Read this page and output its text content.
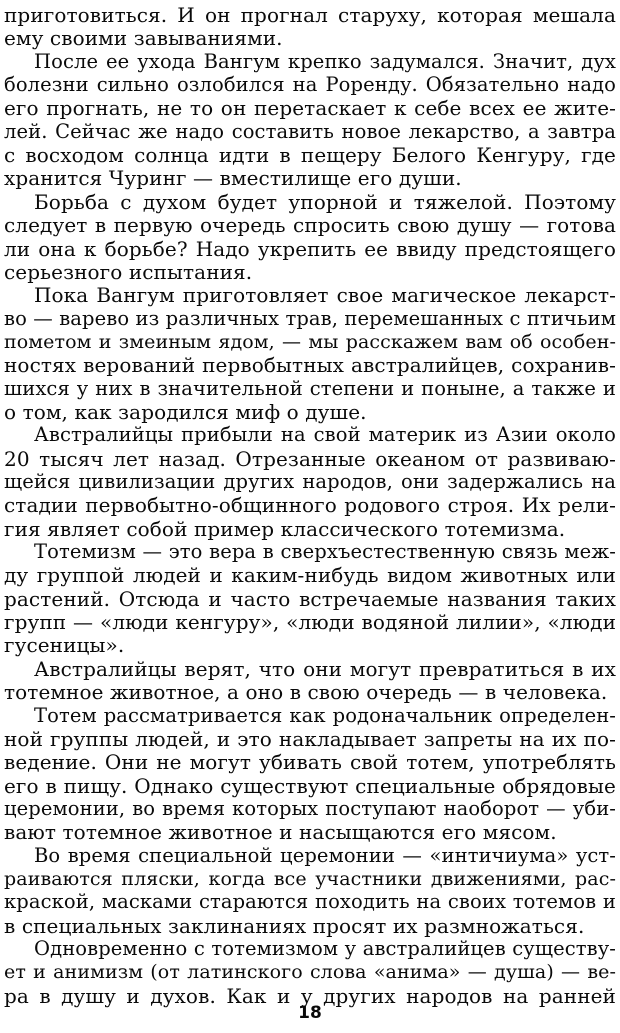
приготовиться. И он прогнал старуху, которая мешала
ему своими завываниями.
После ее ухода Вангум крепко задумался. Значит, дух
болезни сильно озлобился на Роренду. Обязательно надо
его прогнать, не то он перетаскает к себе всех ее жите-
лей. Сейчас же надо составить новое лекарство, а завтра
с восходом солнца идти в пещеру Белого Кенгуру, где
хранится Чуринг — вместилище его души.
Борьба с духом будет упорной и тяжелой. Поэтому
следует в первую очередь спросить свою душу — готова
ли она к борьбе? Надо укрепить ее ввиду предстоящего
серьезного испытания.
Пока Вангум приготовляет свое магическое лекарст-
во — варево из различных трав, перемешанных с птичьим
пометом и змеиным ядом, — мы расскажем вам об особен-
ностях верований первобытных австралийцев, сохранив-
шихся у них в значительной степени и поныне, а также и
о том, как зародился миф о душе.
Австралийцы прибыли на свой материк из Азии около
20 тысяч лет назад. Отрезанные океаном от развиваю-
щейся цивилизации других народов, они задержались на
стадии первобытно-общинного родового строя. Их рели-
гия являет собой пример классического тотемизма.
Тотемизм — это вера в сверхъестественную связь меж-
ду группой людей и каким-нибудь видом животных или
растений. Отсюда и часто встречаемые названия таких
групп — «люди кенгуру», «люди водяной лилии», «люди
гусеницы».
Австралийцы верят, что они могут превратиться в их
тотемное животное, а оно в свою очередь — в человека.
Тотем рассматривается как родоначальник определен-
ной группы людей, и это накладывает запреты на их по-
ведение. Они не могут убивать свой тотем, употреблять
его в пищу. Однако существуют специальные обрядовые
церемонии, во время которых поступают наоборот — уби-
вают тотемное животное и насыщаются его мясом.
Во время специальной церемонии — «интичиума» уст-
раиваются пляски, когда все участники движениями, рас-
краской, масками стараются походить на своих тотемов и
в специальных заклинаниях просят их размножаться.
Одновременно с тотемизмом у австралийцев существу-
ет и анимизм (от латинского слова «анима» — душа) — ве-
ра в душу и духов. Как и у других народов на ранней
18
